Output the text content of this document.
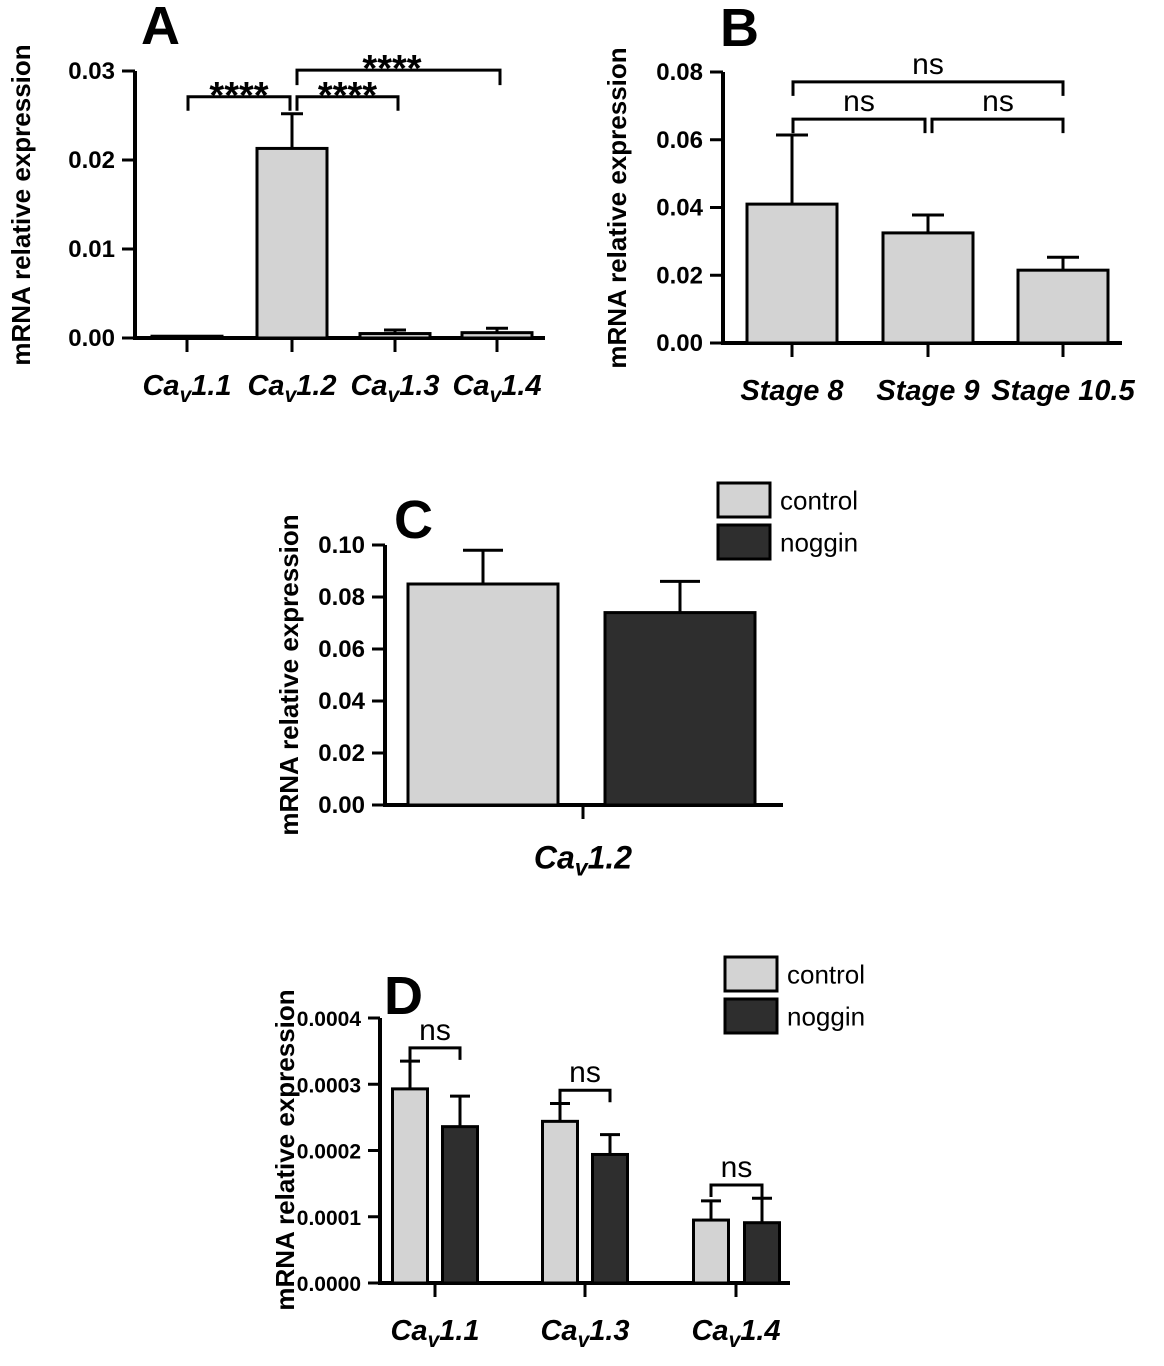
A
mRNA relative expression 0.00
0.01
0.02
0.03
$Ca_v1.1$ $Ca_v1.2$ $Ca_v1.3$ $Ca_v1.4$
**** ****
****
B
mRNA relative expression 0.00
0.02
0.04
0.06
0.08
Stage 8 Stage 9 Stage 10.5
ns
ns	ns
C
mRNA relative expression 0.00
0.02
0.04
0.06
0.08
0.10
$Ca_v1.2$
control
noggin
D
mRNA relative expression
0.0000
0.0001
0.0002
0.0003
0.0004
$Ca_v1.1$ $Ca_v1.3$ $Ca_v1.4$
ns
ns
ns
control
noggin
